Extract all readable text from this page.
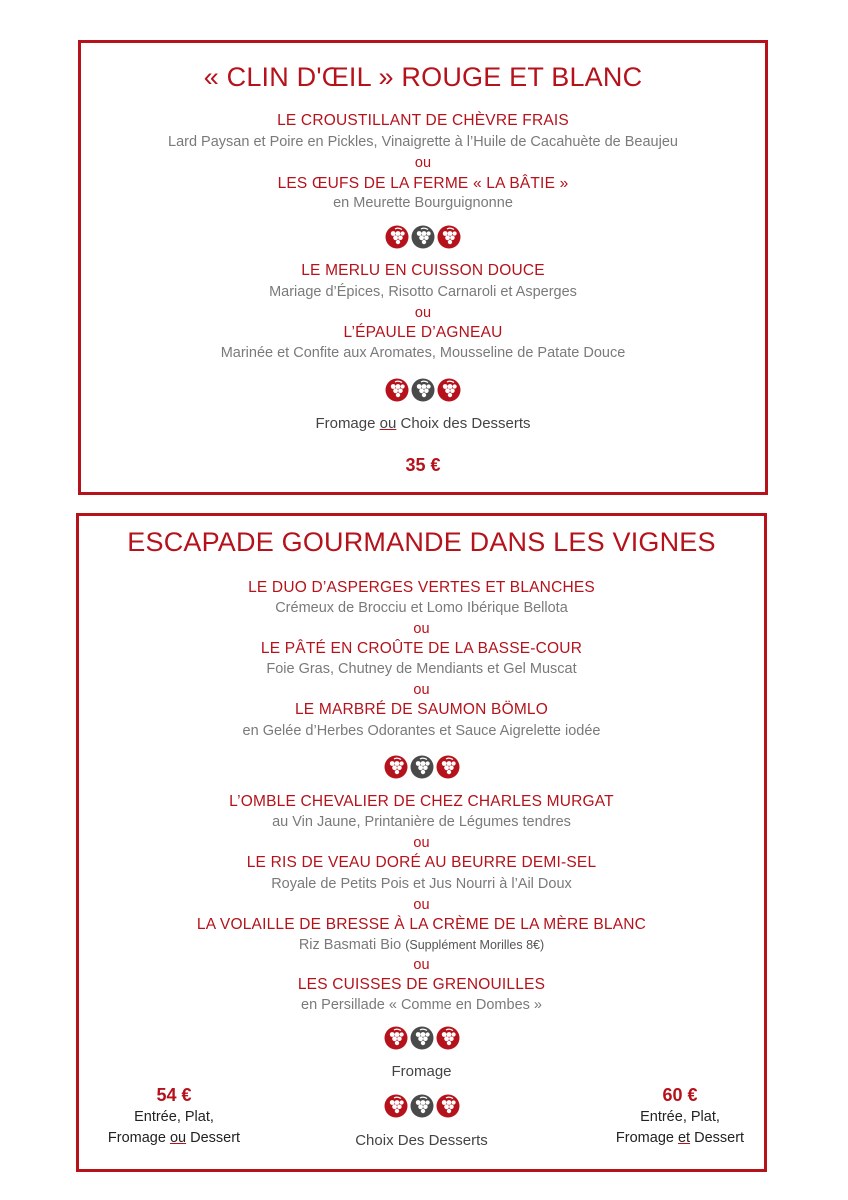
« CLIN D'ŒIL » ROUGE ET BLANC
LE CROUSTILLANT DE CHÈVRE FRAIS
Lard Paysan et Poire en Pickles, Vinaigrette à l’Huile de Cacahuète de Beaujeu
ou
LES ŒUFS DE LA FERME « LA BÂTIE »
en Meurette Bourguignonne
LE MERLU EN CUISSON DOUCE
Mariage d’Épices, Risotto Carnaroli et Asperges
ou
L’ÉPAULE D’AGNEAU
Marinée et Confite aux Aromates, Mousseline de Patate Douce
Fromage ou Choix des Desserts
35 €
ESCAPADE GOURMANDE DANS LES VIGNES
LE DUO D’ASPERGES VERTES ET BLANCHES
Crémeux de Brocciu et Lomo Ibérique Bellota
ou
LE PÂTÉ EN CROÛTE DE LA BASSE-COUR
Foie Gras, Chutney de Mendiants et Gel Muscat
ou
LE MARBRÉ DE SAUMON BÖMLO
en Gelée d’Herbes Odorantes et Sauce Aigrelette iodée
L’OMBLE CHEVALIER DE CHEZ CHARLES MURGAT
au Vin Jaune, Printanière de Légumes tendres
ou
LE RIS DE VEAU DORÉ AU BEURRE DEMI-SEL
Royale de Petits Pois et Jus Nourri à l’Ail Doux
ou
LA VOLAILLE DE BRESSE À LA CRÈME DE LA MÈRE BLANC
Riz Basmati Bio (Supplément Morilles 8€)
ou
LES CUISSES DE GRENOUILLES
en Persillade « Comme en Dombes »
Fromage
Choix Des Desserts
54 €
Entrée, Plat,
Fromage ou Dessert
60 €
Entrée, Plat,
Fromage et Dessert
